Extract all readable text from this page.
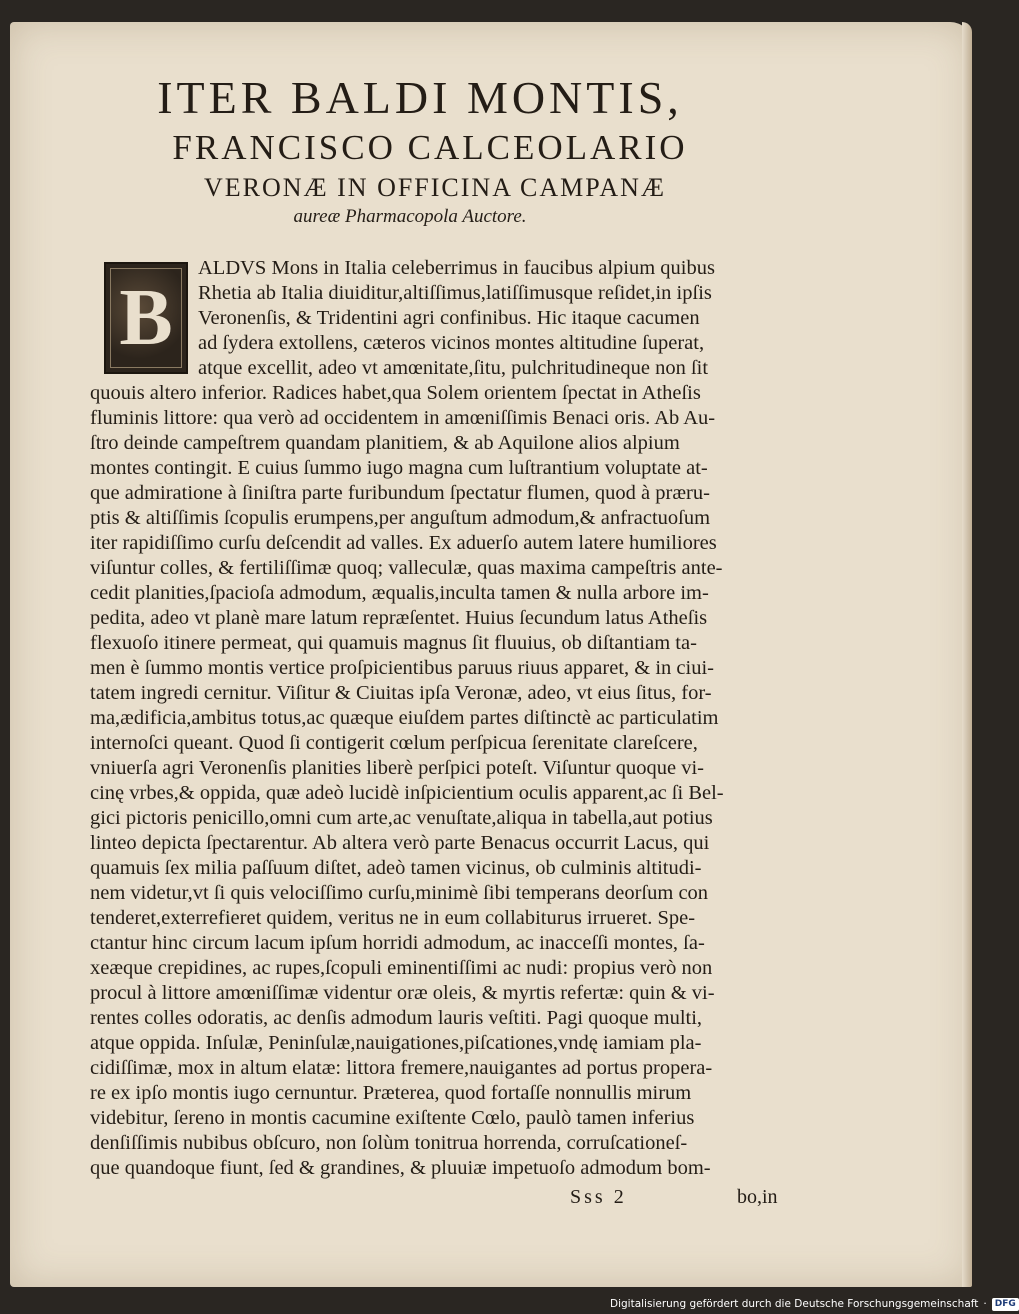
ITER BALDI MONTIS,
FRANCISCO CALCEOLARIO
VERONÆ IN OFFICINA CAMPANÆ
aureæ Pharmacopola Auctore.
B
ALDVS Mons in Italia celeberrimus in faucibus alpium quibus
Rhetia ab Italia diuiditur,altiſſimus,latiſſimusque reſidet,in ipſis
Veronenſis, & Tridentini agri confinibus. Hic itaque cacumen
ad ſydera extollens, cæteros vicinos montes altitudine ſuperat,
atque excellit, adeo vt amœnitate,ſitu, pulchritudineque non ſit
quouis altero inferior. Radices habet,qua Solem orientem ſpectat in Atheſis
fluminis littore: qua verò ad occidentem in amœniſſimis Benaci oris. Ab Au-
ſtro deinde campeſtrem quandam planitiem, & ab Aquilone alios alpium
montes contingit. E cuius ſummo iugo magna cum luſtrantium voluptate at-
que admiratione à ſiniſtra parte furibundum ſpectatur flumen, quod à præru-
ptis & altiſſimis ſcopulis erumpens,per anguſtum admodum,& anfractuoſum
iter rapidiſſimo curſu deſcendit ad valles. Ex aduerſo autem latere humiliores
viſuntur colles, & fertiliſſimæ quoq; valleculæ, quas maxima campeſtris ante-
cedit planities,ſpacioſa admodum, æqualis,inculta tamen & nulla arbore im-
pedita, adeo vt planè mare latum repræſentet. Huius ſecundum latus Atheſis
flexuoſo itinere permeat, qui quamuis magnus ſit fluuius, ob diſtantiam ta-
men è ſummo montis vertice proſpicientibus paruus riuus apparet, & in ciui-
tatem ingredi cernitur. Viſitur & Ciuitas ipſa Veronæ, adeo, vt eius ſitus, for-
ma,ædificia,ambitus totus,ac quæque eiuſdem partes diſtinctè ac particulatim
internoſci queant. Quod ſi contigerit cœlum perſpicua ſerenitate clareſcere,
vniuerſa agri Veronenſis planities liberè perſpici poteſt. Viſuntur quoque vi-
cinę vrbes,& oppida, quæ adeò lucidè inſpicientium oculis apparent,ac ſi Bel-
gici pictoris penicillo,omni cum arte,ac venuſtate,aliqua in tabella,aut potius
linteo depicta ſpectarentur. Ab altera verò parte Benacus occurrit Lacus, qui
quamuis ſex milia paſſuum diſtet, adeò tamen vicinus, ob culminis altitudi-
nem videtur,vt ſi quis velociſſimo curſu,minimè ſibi temperans deorſum con
tenderet,exterrefieret quidem, veritus ne in eum collabiturus irrueret. Spe-
ctantur hinc circum lacum ipſum horridi admodum, ac inacceſſi montes, ſa-
xeæque crepidines, ac rupes,ſcopuli eminentiſſimi ac nudi: propius verò non
procul à littore amœniſſimæ videntur oræ oleis, & myrtis refertæ: quin & vi-
rentes colles odoratis, ac denſis admodum lauris veſtiti. Pagi quoque multi,
atque oppida. Inſulæ, Peninſulæ,nauigationes,piſcationes,vndę iamiam pla-
cidiſſimæ, mox in altum elatæ: littora fremere,nauigantes ad portus propera-
re ex ipſo montis iugo cernuntur. Præterea, quod fortaſſe nonnullis mirum
videbitur, ſereno in montis cacumine exiſtente Cœlo, paulò tamen inferius
denſiſſimis nubibus obſcuro, non ſolùm tonitrua horrenda, corruſcationeſ-
que quandoque fiunt, ſed & grandines, & pluuiæ impetuoſo admodum bom-
Sss 2	bo,in
Digitalisierung gefördert durch die Deutsche Forschungsgemeinschaft · DFG
